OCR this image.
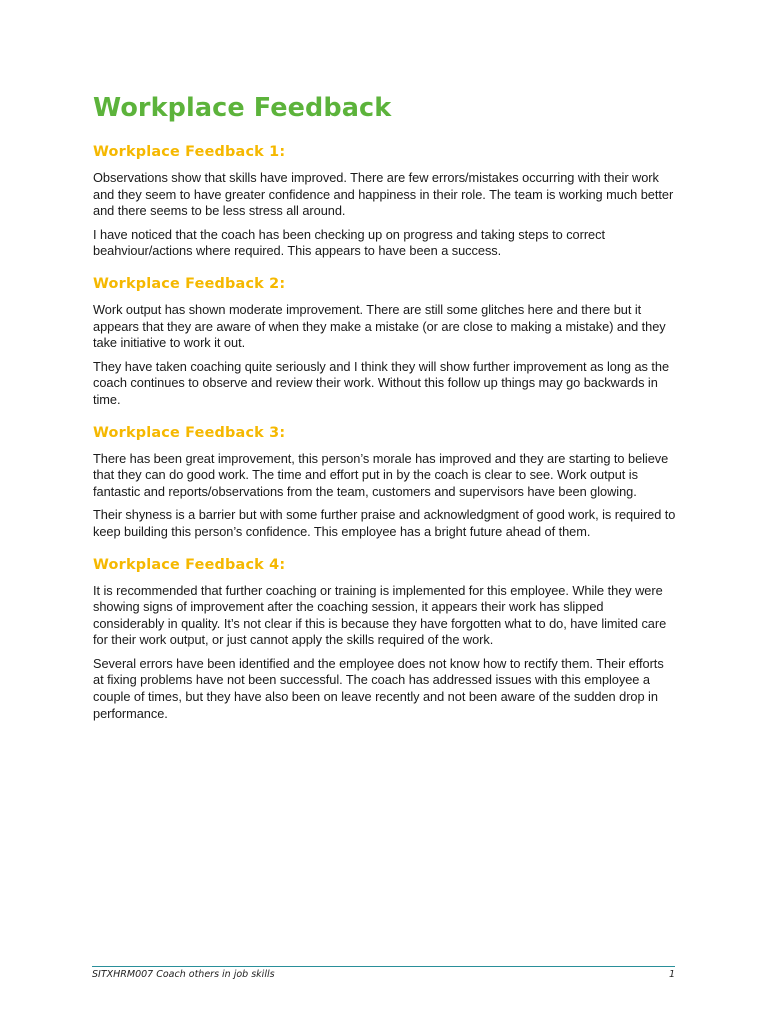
Workplace Feedback
Workplace Feedback 1:

Observations show that skills have improved. There are few errors/mistakes occurring with their work and they seem to have greater confidence and happiness in their role. The team is working much better and there seems to be less stress all around.

I have noticed that the coach has been checking up on progress and taking steps to correct beahviour/actions where required. This appears to have been a success.

Workplace Feedback 2:

Work output has shown moderate improvement. There are still some glitches here and there but it appears that they are aware of when they make a mistake (or are close to making a mistake) and they take initiative to work it out.

They have taken coaching quite seriously and I think they will show further improvement as long as the coach continues to observe and review their work. Without this follow up things may go backwards in time.

Workplace Feedback 3:

There has been great improvement, this person’s morale has improved and they are starting to believe that they can do good work. The time and effort put in by the coach is clear to see. Work output is fantastic and reports/observations from the team, customers and supervisors have been glowing.

Their shyness is a barrier but with some further praise and acknowledgment of good work, is required to keep building this person’s confidence. This employee has a bright future ahead of them.

Workplace Feedback 4:

It is recommended that further coaching or training is implemented for this employee. While they were showing signs of improvement after the coaching session, it appears their work has slipped considerably in quality. It’s not clear if this is because they have forgotten what to do, have limited care for their work output, or just cannot apply the skills required of the work.

Several errors have been identified and the employee does not know how to rectify them. Their efforts at fixing problems have not been successful. The coach has addressed issues with this employee a couple of times, but they have also been on leave recently and not been aware of the sudden drop in performance.

SITXHRM007 Coach others in job skills	1
